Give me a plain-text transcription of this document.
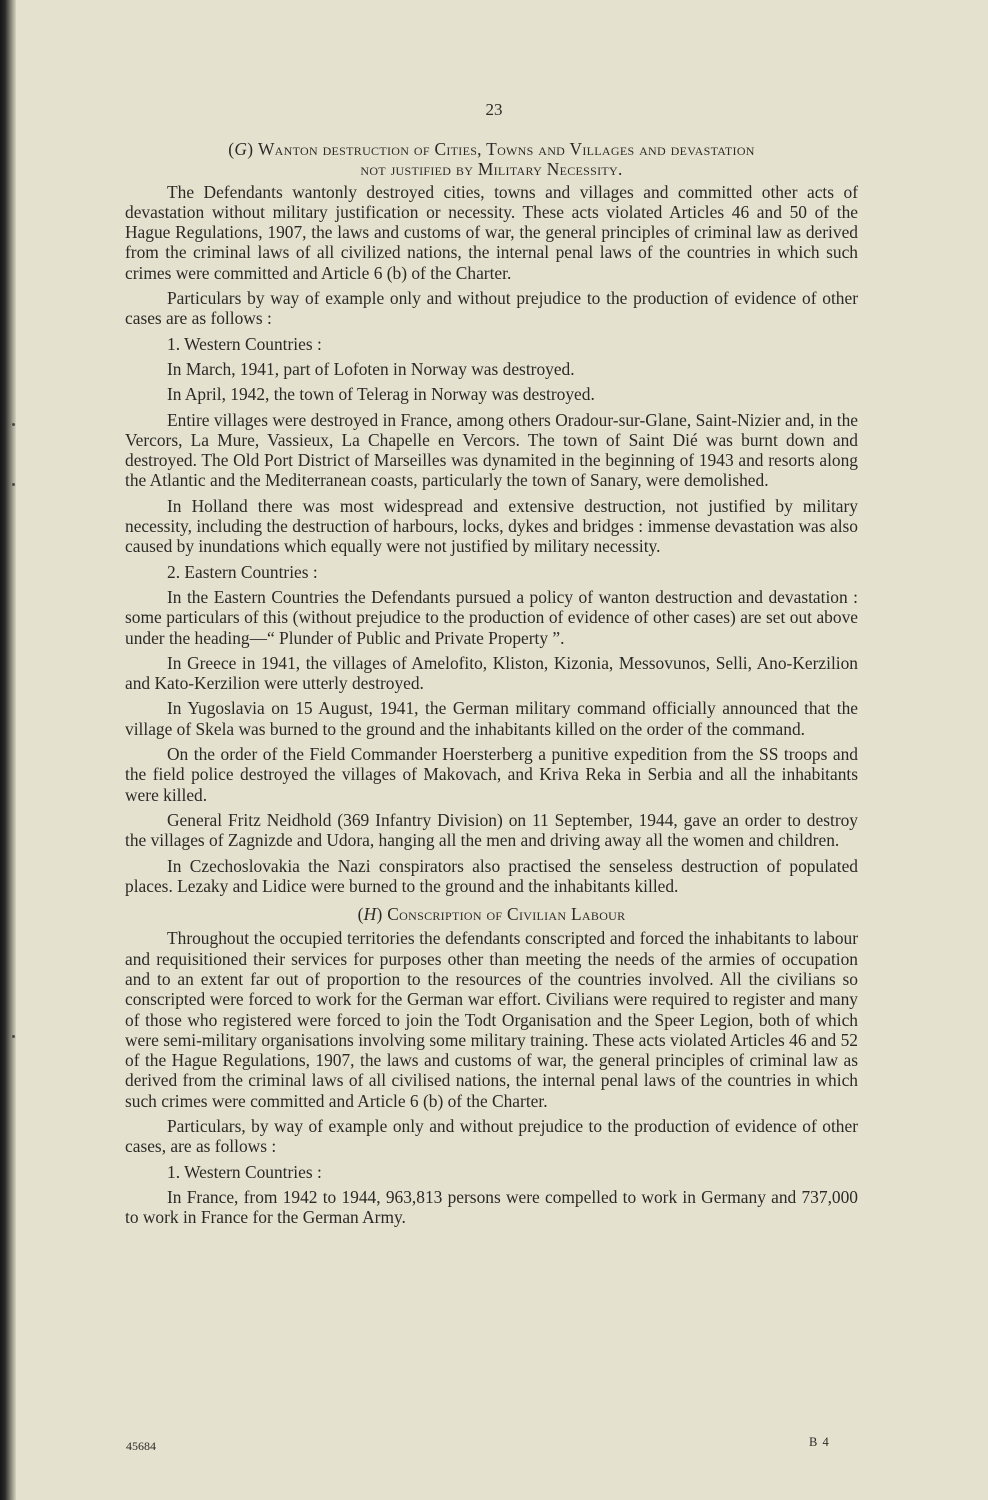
23
(G) Wanton destruction of Cities, Towns and Villages and devastation
not justified by Military Necessity.

The Defendants wantonly destroyed cities, towns and villages and committed other acts of devastation without military justification or necessity. These acts violated Articles 46 and 50 of the Hague Regulations, 1907, the laws and customs of war, the general principles of criminal law as derived from the criminal laws of all civilized nations, the internal penal laws of the countries in which such crimes were committed and Article 6 (b) of the Charter.

Particulars by way of example only and without prejudice to the production of evidence of other cases are as follows :

1. Western Countries :

In March, 1941, part of Lofoten in Norway was destroyed.

In April, 1942, the town of Telerag in Norway was destroyed.

Entire villages were destroyed in France, among others Oradour-sur-Glane, Saint-Nizier and, in the Vercors, La Mure, Vassieux, La Chapelle en Vercors. The town of Saint Dié was burnt down and destroyed. The Old Port District of Marseilles was dynamited in the beginning of 1943 and resorts along the Atlantic and the Mediterranean coasts, particularly the town of Sanary, were demolished.

In Holland there was most widespread and extensive destruction, not justified by military necessity, including the destruction of harbours, locks, dykes and bridges : immense devastation was also caused by inundations which equally were not justified by military necessity.

2. Eastern Countries :

In the Eastern Countries the Defendants pursued a policy of wanton destruction and devastation : some particulars of this (without prejudice to the production of evidence of other cases) are set out above under the heading—“ Plunder of Public and Private Property ”.

In Greece in 1941, the villages of Amelofito, Kliston, Kizonia, Messovunos, Selli, Ano-Kerzilion and Kato-Kerzilion were utterly destroyed.

In Yugoslavia on 15 August, 1941, the German military command officially announced that the village of Skela was burned to the ground and the inhabitants killed on the order of the command.

On the order of the Field Commander Hoersterberg a punitive expedition from the SS troops and the field police destroyed the villages of Makovach, and Kriva Reka in Serbia and all the inhabitants were killed.

General Fritz Neidhold (369 Infantry Division) on 11 September, 1944, gave an order to destroy the villages of Zagnizde and Udora, hanging all the men and driving away all the women and children.

In Czechoslovakia the Nazi conspirators also practised the senseless destruction of populated places. Lezaky and Lidice were burned to the ground and the inhabitants killed.

(H) Conscription of Civilian Labour

Throughout the occupied territories the defendants conscripted and forced the inhabitants to labour and requisitioned their services for purposes other than meeting the needs of the armies of occupation and to an extent far out of proportion to the resources of the countries involved. All the civilians so conscripted were forced to work for the German war effort. Civilians were required to register and many of those who registered were forced to join the Todt Organisation and the Speer Legion, both of which were semi-military organisations involving some military training. These acts violated Articles 46 and 52 of the Hague Regulations, 1907, the laws and customs of war, the general principles of criminal law as derived from the criminal laws of all civilised nations, the internal penal laws of the countries in which such crimes were committed and Article 6 (b) of the Charter.

Particulars, by way of example only and without prejudice to the production of evidence of other cases, are as follows :

1. Western Countries :

In France, from 1942 to 1944, 963,813 persons were compelled to work in Germany and 737,000 to work in France for the German Army.

45684	B 4
